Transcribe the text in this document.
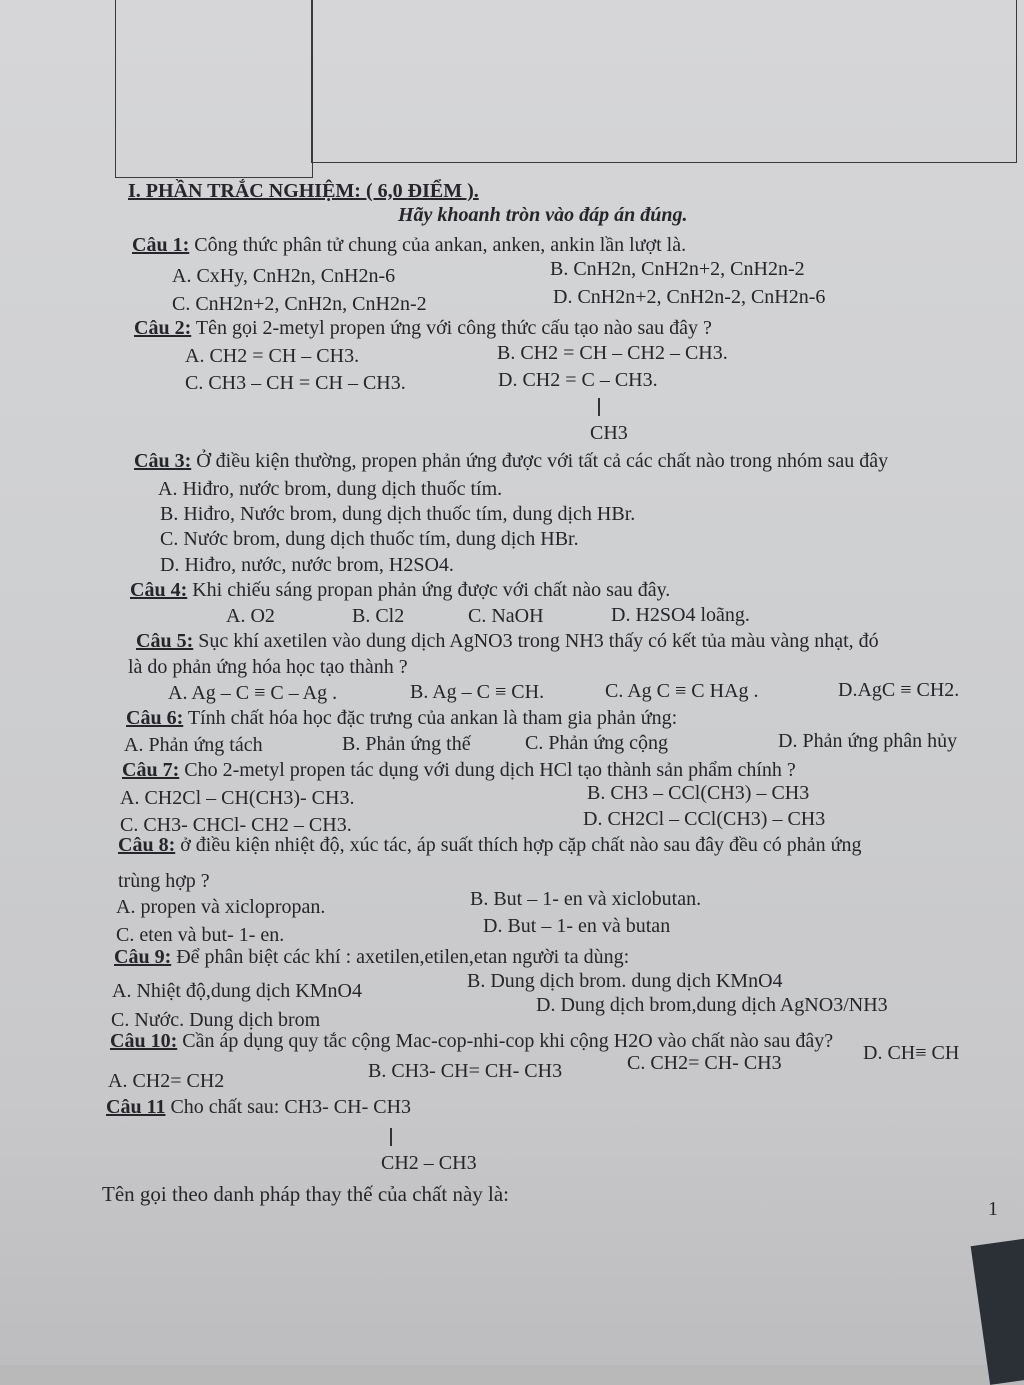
I. PHẦN TRẮC NGHIỆM: ( 6,0 ĐIỂM ).
Hãy khoanh tròn vào đáp án đúng.
Câu 1: Công thức phân tử chung của ankan, anken, ankin lần lượt là.
A. CxHy, CnH2n, CnH2n-6	B. CnH2n, CnH2n+2, CnH2n-2
C. CnH2n+2, CnH2n, CnH2n-2	D. CnH2n+2, CnH2n-2, CnH2n-6
Câu 2: Tên gọi 2-metyl propen ứng với công thức cấu tạo nào sau đây ?
A. CH2 = CH – CH3.	B. CH2 = CH – CH2 – CH3.
C. CH3 – CH = CH – CH3.	D. CH2 = C – CH3.
CH3
Câu 3: Ở điều kiện thường, propen phản ứng được với tất cả các chất nào trong nhóm sau đây
A. Hiđro, nước brom, dung dịch thuốc tím.
B. Hiđro, Nước brom, dung dịch thuốc tím, dung dịch HBr.
C. Nước brom, dung dịch thuốc tím, dung dịch HBr.
D. Hiđro, nước, nước brom, H2SO4.
Câu 4: Khi chiếu sáng propan phản ứng được với chất nào sau đây.
A. O2	B. Cl2	C. NaOH	D. H2SO4 loãng.
Câu 5: Sục khí axetilen vào dung dịch AgNO3 trong NH3 thấy có kết tủa màu vàng nhạt, đó
là do phản ứng hóa học tạo thành ?
A. Ag – C ≡ C – Ag .	B. Ag – C ≡ CH.	C. Ag C ≡ C HAg .	D.AgC ≡ CH2.
Câu 6: Tính chất hóa học đặc trưng của ankan là tham gia phản ứng:
A. Phản ứng tách	B. Phản ứng thế	C. Phản ứng cộng	D. Phản ứng phân hủy
Câu 7: Cho 2-metyl propen tác dụng với dung dịch HCl tạo thành sản phẩm chính ?
A. CH2Cl – CH(CH3)- CH3.	B. CH3 – CCl(CH3) – CH3
C. CH3- CHCl- CH2 – CH3.	D. CH2Cl – CCl(CH3) – CH3
Câu 8: ở điều kiện nhiệt độ, xúc tác, áp suất thích hợp cặp chất nào sau đây đều có phản ứng
trùng hợp ?
A. propen và xiclopropan.	B. But – 1- en và xiclobutan.
C. eten và but- 1- en.	D. But – 1- en và butan
Câu 9: Để phân biệt các khí : axetilen,etilen,etan người ta dùng:
A. Nhiệt độ,dung dịch KMnO4	B. Dung dịch brom. dung dịch KMnO4
C. Nước. Dung dịch brom
D. Dung dịch brom,dung dịch AgNO3/NH3
Câu 10: Cần áp dụng quy tắc cộng Mac-cop-nhi-cop khi cộng H2O vào chất nào sau đây?
A. CH2= CH2	B. CH3- CH= CH- CH3	C. CH2= CH- CH3	D. CH≡ CH
Câu 11 Cho chất sau: CH3- CH- CH3
CH2 – CH3
Tên gọi theo danh pháp thay thế của chất này là:
1
